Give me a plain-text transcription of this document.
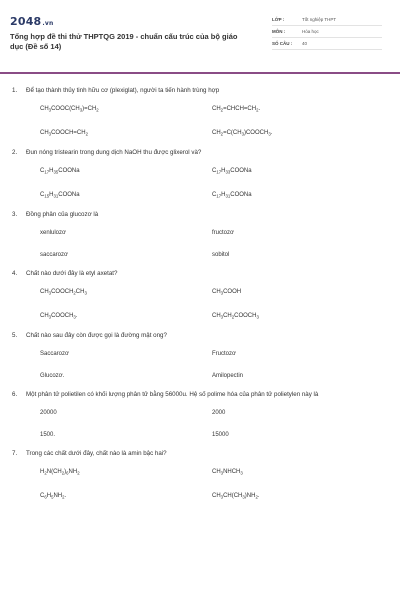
2048.vn
Tổng hợp đề thi thử THPTQG 2019 - chuẩn cấu trúc của bộ giáo dục (Đề số 14)
LỚP :	Tốt nghiệp THPT
MÔN :	Hóa học
SỐ CÂU :	40
1.	Để tạo thành thủy tinh hữu cơ (plexiglat), người ta tiến hành trùng hợp
$CH_3COOC(CH_3)=CH_2$	$CH_2=CHCH=CH_2$.
$CH_3COOCH=CH_2$	$CH_2=C(CH_3)COOCH_3$.
2.	Đun nóng tristearin trong dung dịch NaOH thu được glixerol và?
$C_{17}H_{35}COONa$	$C_{17}H_{33}COONa$
$C_{15}H_{31}COONa$	$C_{17}H_{31}COONa$
3.	Đồng phân của glucozơ là
xenlulozơ	fructozơ
saccarozơ	sobitol
4.	Chất nào dưới đây là etyl axetat?
$CH_3COOCH_2CH_3$	$CH_3COOH$
$CH_3COOCH_3$.	$CH_3CH_2COOCH_3$
5.	Chất nào sau đây còn được gọi là đường mật ong?
Saccarozơ	Fructozơ
Glucozơ.	Amilopectin
6.	Một phân tử polietilen có khối lượng phân tử bằng 56000u. Hệ số polime hóa của phân tử polietylen này là
20000	2000
1500.	15000
7.	Trong các chất dưới đây, chất nào là amin bậc hai?
$H_2N(CH_2)_6NH_2$	$CH_3NHCH_3$
$C_6H_5NH_2$.	$CH_3CH(CH_3)NH_2$.
